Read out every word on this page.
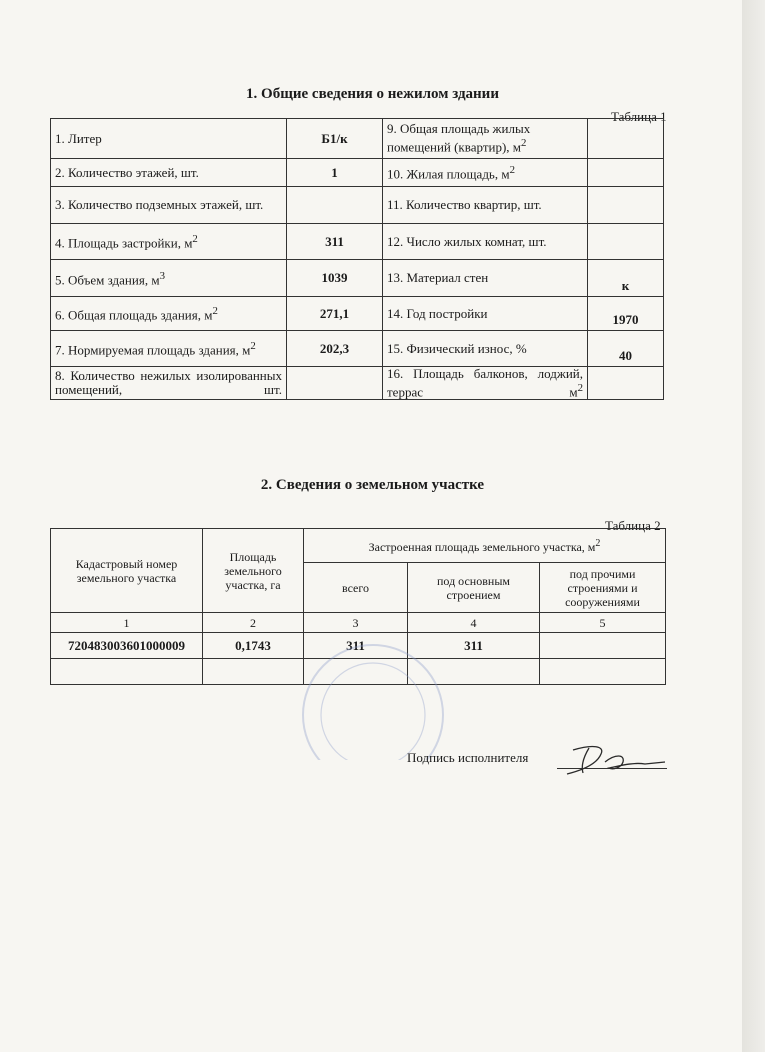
1. Общие сведения о нежилом здании
Таблица 1
1. Литер	Б1/к	9. Общая площадь жилых помещений (квартир), $м^2$	
2. Количество этажей, шт.	1	10. Жилая площадь, $м^2$	
3. Количество подземных этажей, шт.		11. Количество квартир, шт.	
4. Площадь застройки, $м^2$	311	12. Число жилых комнат, шт.	
5. Объем здания, $м^3$	1039	13. Материал стен	к
6. Общая площадь здания, $м^2$	271,1	14. Год постройки	1970
7. Нормируемая площадь здания, $м^2$	202,3	15. Физический износ, %	40
8. Количество нежилых изолированных помещений, шт.		16. Площадь балконов, лоджий, террас $м^2$	
2. Сведения о земельном участке
Таблица 2
Кадастровый номер земельного участка	Площадь земельного участка, га	Застроенная площадь земельного участка, $м^2$
		всего	под основным строением	под прочими строениями и сооружениями
1	2	3	4	5
720483003601000009	0,1743	311	311	

Подпись исполнителя
